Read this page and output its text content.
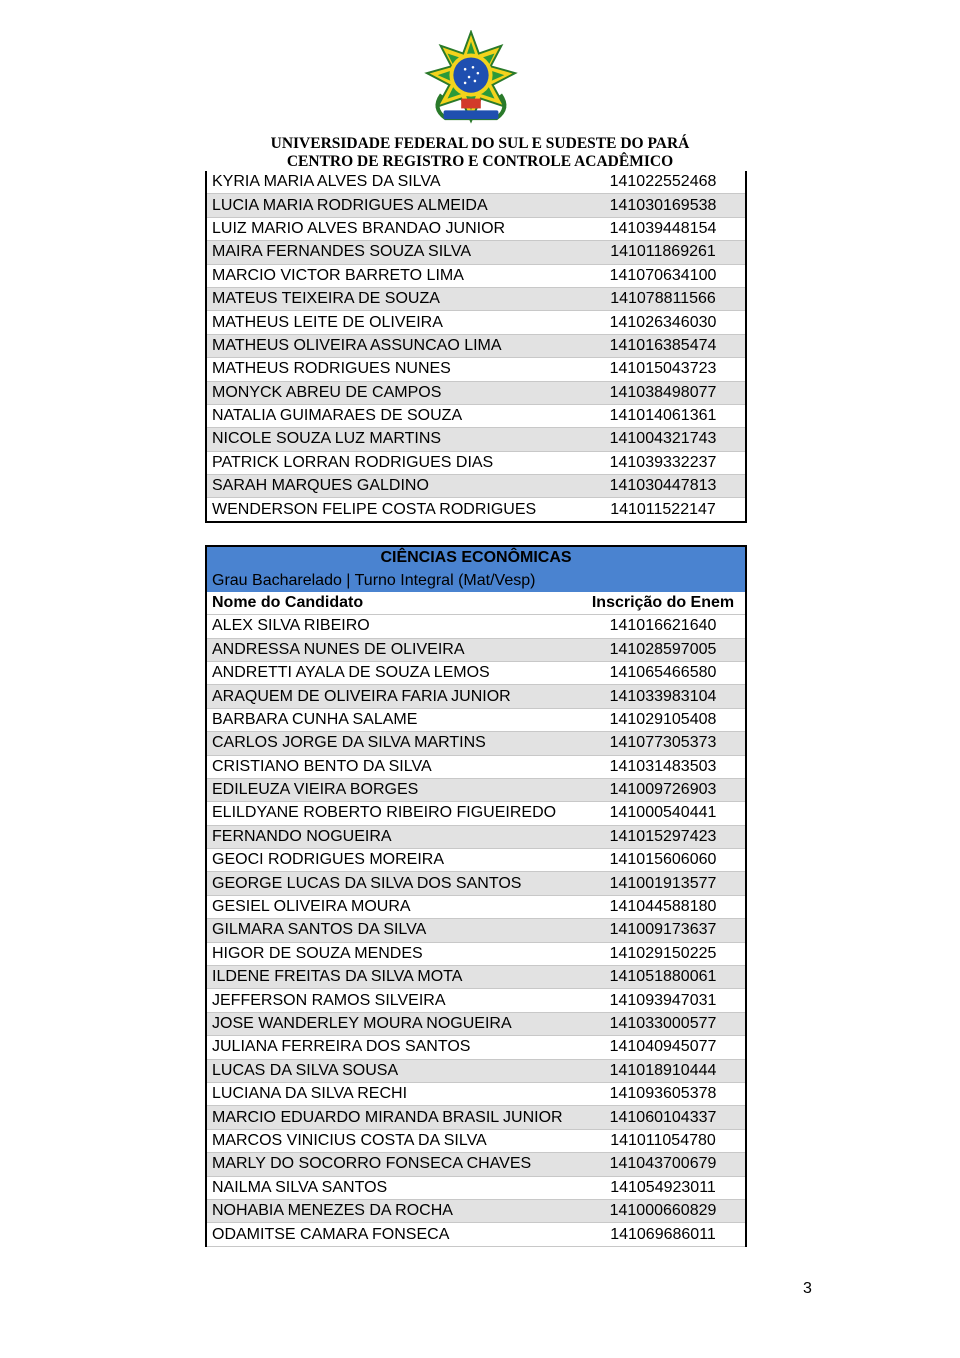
UNIVERSIDADE FEDERAL DO SUL E SUDESTE DO PARÁ
CENTRO DE REGISTRO E CONTROLE ACADÊMICO
KYRIA MARIA ALVES DA SILVA	141022552468
LUCIA MARIA RODRIGUES ALMEIDA	141030169538
LUIZ MARIO ALVES BRANDAO JUNIOR	141039448154
MAIRA FERNANDES SOUZA SILVA	141011869261
MARCIO VICTOR BARRETO LIMA	141070634100
MATEUS TEIXEIRA DE SOUZA	141078811566
MATHEUS LEITE DE OLIVEIRA	141026346030
MATHEUS OLIVEIRA ASSUNCAO LIMA	141016385474
MATHEUS RODRIGUES NUNES	141015043723
MONYCK ABREU DE CAMPOS	141038498077
NATALIA GUIMARAES DE SOUZA	141014061361
NICOLE SOUZA LUZ MARTINS	141004321743
PATRICK LORRAN RODRIGUES DIAS	141039332237
SARAH MARQUES GALDINO	141030447813
WENDERSON FELIPE COSTA RODRIGUES	141011522147
CIÊNCIAS ECONÔMICAS	
Grau Bacharelado | Turno Integral (Mat/Vesp)	
Nome do Candidato	Inscrição do Enem
ALEX SILVA RIBEIRO	141016621640
ANDRESSA NUNES DE OLIVEIRA	141028597005
ANDRETTI AYALA DE SOUZA LEMOS	141065466580
ARAQUEM DE OLIVEIRA FARIA JUNIOR	141033983104
BARBARA CUNHA SALAME	141029105408
CARLOS JORGE DA SILVA MARTINS	141077305373
CRISTIANO BENTO DA SILVA	141031483503
EDILEUZA VIEIRA BORGES	141009726903
ELILDYANE ROBERTO RIBEIRO FIGUEIREDO	141000540441
FERNANDO NOGUEIRA	141015297423
GEOCI RODRIGUES MOREIRA	141015606060
GEORGE LUCAS DA SILVA DOS SANTOS	141001913577
GESIEL OLIVEIRA MOURA	141044588180
GILMARA SANTOS DA SILVA	141009173637
HIGOR DE SOUZA MENDES	141029150225
ILDENE FREITAS DA SILVA MOTA	141051880061
JEFFERSON RAMOS SILVEIRA	141093947031
JOSE WANDERLEY MOURA NOGUEIRA	141033000577
JULIANA FERREIRA DOS SANTOS	141040945077
LUCAS DA SILVA SOUSA	141018910444
LUCIANA DA SILVA RECHI	141093605378
MARCIO EDUARDO MIRANDA BRASIL JUNIOR	141060104337
MARCOS VINICIUS COSTA DA SILVA	141011054780
MARLY DO SOCORRO FONSECA CHAVES	141043700679
NAILMA SILVA SANTOS	141054923011
NOHABIA MENEZES DA ROCHA	141000660829
ODAMITSE CAMARA FONSECA	141069686011
3
